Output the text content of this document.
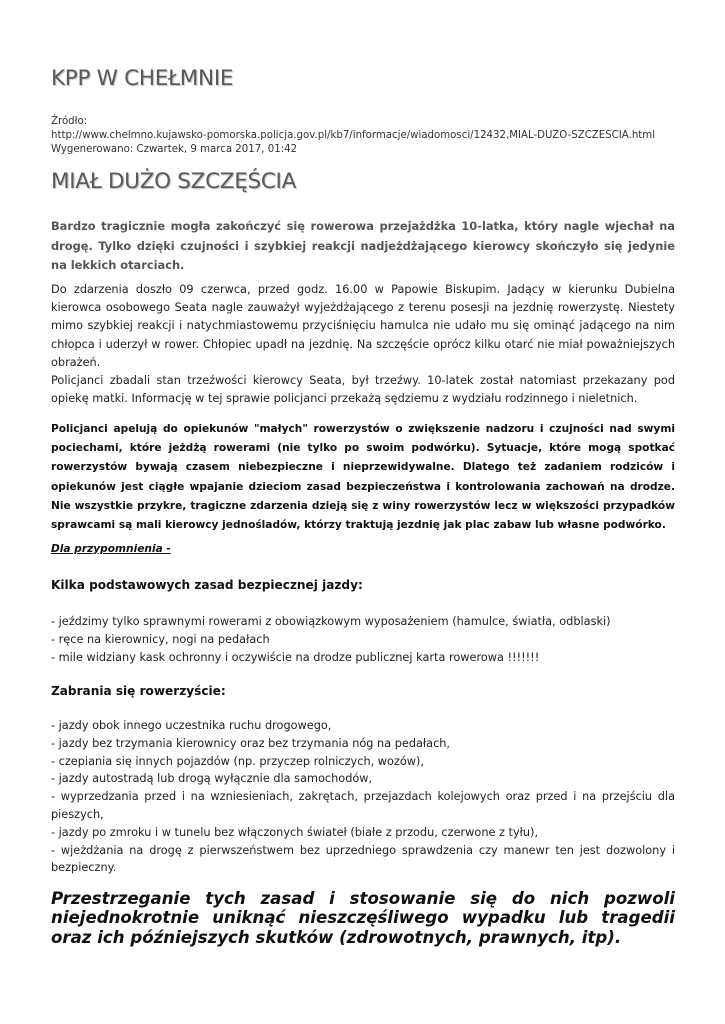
KPP W CHEŁMNIE
Źródło:
http://www.chelmno.kujawsko-pomorska.policja.gov.pl/kb7/informacje/wiadomosci/12432,MIAL-DUZO-SZCZESCIA.html
Wygenerowano: Czwartek, 9 marca 2017, 01:42
MIAŁ DUŻO SZCZĘŚCIA
Bardzo tragicznie mogła zakończyć się rowerowa przejażdżka 10-latka, który nagle wjechał na drogę. Tylko dzięki czujności i szybkiej reakcji nadjeżdżającego kierowcy skończyło się jedynie na lekkich otarciach.
Do zdarzenia doszło 09 czerwca, przed godz. 16.00 w Papowie Biskupim. Jadący w kierunku Dubielna kierowca osobowego Seata nagle zauważył wyjeżdżającego z terenu posesji na jezdnię rowerzystę. Niestety mimo szybkiej reakcji i natychmiastowemu przyciśnięciu hamulca nie udało mu się ominąć jadącego na nim chłopca i uderzył w rower. Chłopiec upadł na jezdnię. Na szczęście oprócz kilku otarć nie miał poważniejszych obrażeń.
Policjanci zbadali stan trzeźwości kierowcy Seata, był trzeźwy. 10-latek został natomiast przekazany pod opiekę matki. Informację w tej sprawie policjanci przekażą sędziemu z wydziału rodzinnego i nieletnich.
Policjanci apelują do opiekunów "małych" rowerzystów o zwiększenie nadzoru i czujności nad swymi pociechami, które jeżdżą rowerami (nie tylko po swoim podwórku). Sytuacje, które mogą spotkać rowerzystów bywają czasem niebezpieczne i nieprzewidywalne. Dlatego też zadaniem rodziców i opiekunów jest ciągłe wpajanie dzieciom zasad bezpieczeństwa i kontrolowania zachowań na drodze. Nie wszystkie przykre, tragiczne zdarzenia dzieją się z winy rowerzystów lecz w większości przypadków sprawcami są mali kierowcy jednośladów, którzy traktują jezdnię jak plac zabaw lub własne podwórko.
Dla przypomnienia -
Kilka podstawowych zasad bezpiecznej jazdy:
- jeździmy tylko sprawnymi rowerami z obowiązkowym wyposażeniem (hamulce, światła, odblaski)
- ręce na kierownicy, nogi na pedałach
- mile widziany kask ochronny i oczywiście na drodze publicznej karta rowerowa !!!!!!!
Zabrania się rowerzyście:
- jazdy obok innego uczestnika ruchu drogowego,
- jazdy bez trzymania kierownicy oraz bez trzymania nóg na pedałach,
- czepiania się innych pojazdów (np. przyczep rolniczych, wozów),
- jazdy autostradą lub drogą wyłącznie dla samochodów,
- wyprzedzania przed i na wzniesieniach, zakrętach, przejazdach kolejowych oraz przed i na przejściu dla pieszych,
- jazdy po zmroku i w tunelu bez włączonych świateł (białe z przodu, czerwone z tyłu),
- wjeżdżania na drogę z pierwszeństwem bez uprzedniego sprawdzenia czy manewr ten jest dozwolony i bezpieczny.
Przestrzeganie tych zasad i stosowanie się do nich pozwoli niejednokrotnie uniknąć nieszczęśliwego wypadku lub tragedii oraz ich późniejszych skutków (zdrowotnych, prawnych, itp).
